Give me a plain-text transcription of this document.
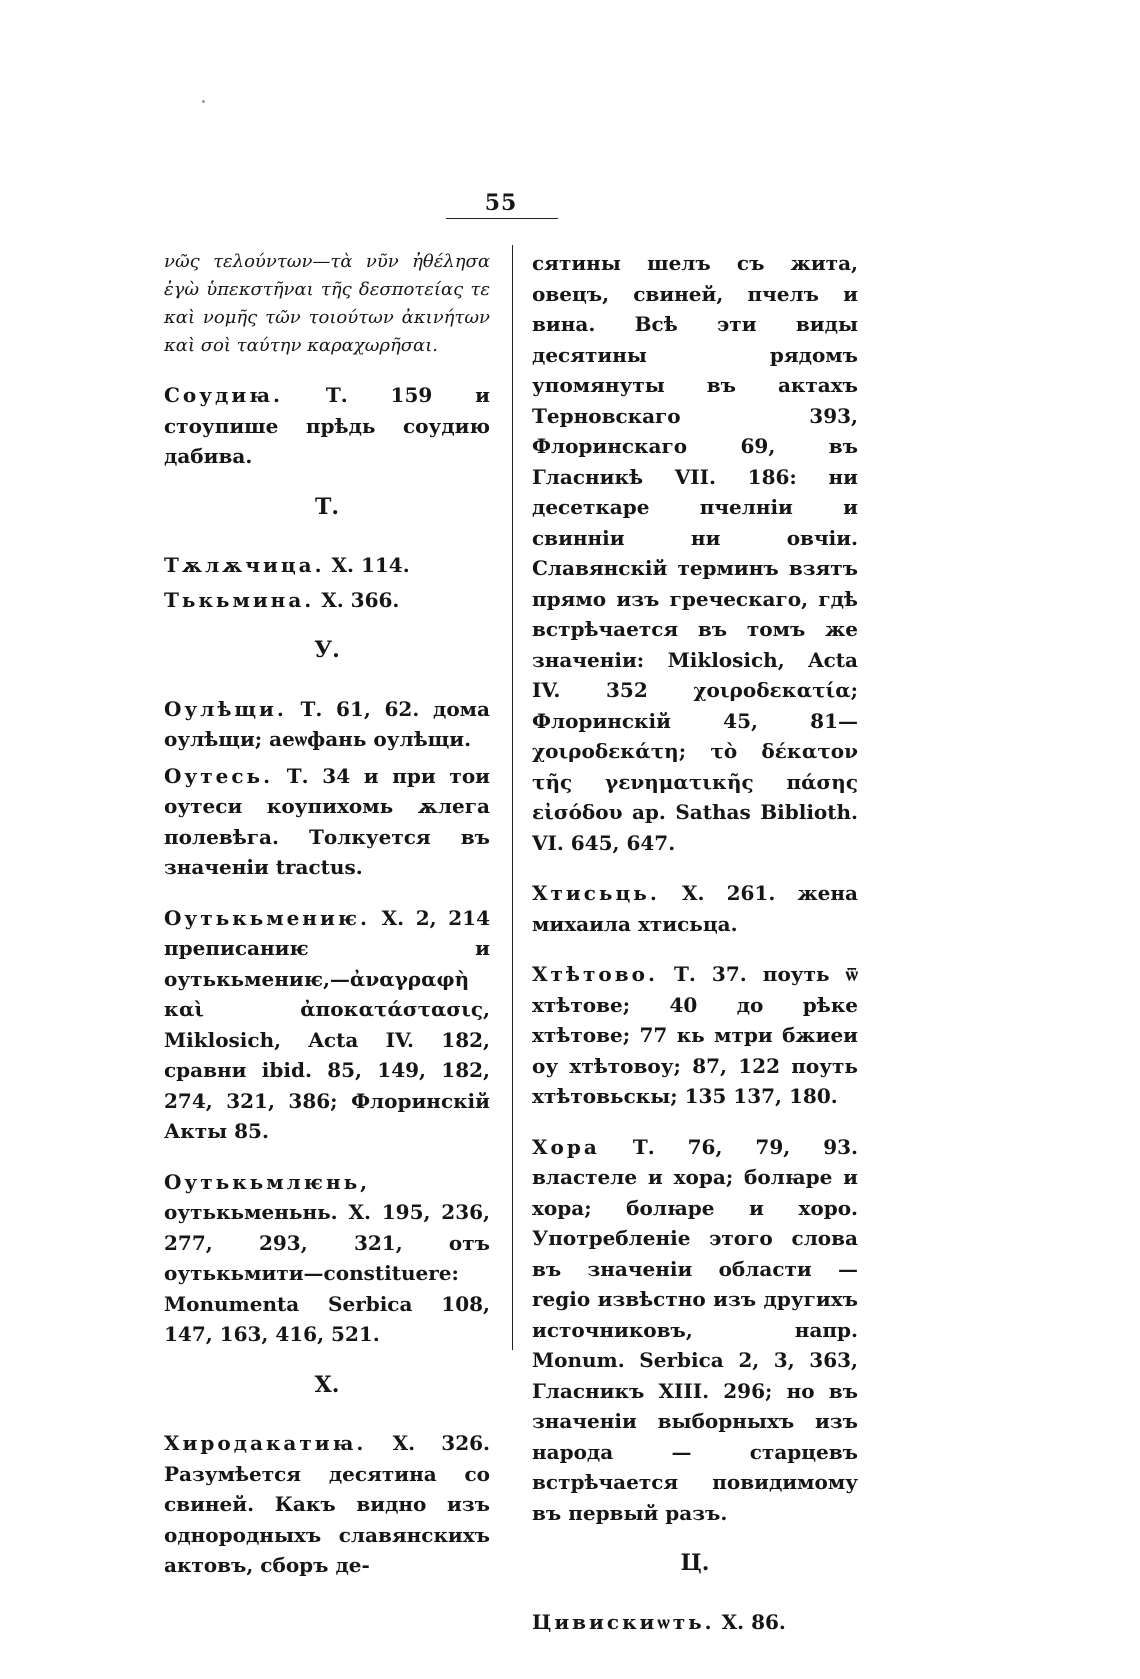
55

νῶς τελούντων—τὰ νῦν ἠθέλησα ἐγὼ ὑπεκστῆναι τῆς δεσποτείας τε καὶ νομῆς τῶν τοιούτων ἀκινήτων καὶ σοὶ ταύτην καραχωρῆσαι.

Соудиꙗ. Т. 159 и стоупише прѣдь соудию дабива.

Т.

Тѫлѫчица. Х. 114.

Тькьмина. Х. 366.

У.

Оулѣщи. Т. 61, 62. дома оулѣщи; аеѡфань оулѣщи.

Оутесь. Т. 34 и при тои оутеси коупихомь ѫлега полевѣга. Толкуется въ значенiи tractus.

Оутькьмениѥ. Х. 2, 214 преписаниѥ и оутькьмениѥ,—ἀναγραφὴ καὶ ἀποκατάστασις, Miklosich, Acta IV. 182, сравни ibid. 85, 149, 182, 274, 321, 386; Флоринскiй Акты 85.

Оутькьмлѥнь, оутькьменьнь. Х. 195, 236, 277, 293, 321, отъ оутькьмити—constituere: Monumenta Serbica 108, 147, 163, 416, 521.

Х.

Хиродакатиꙗ. Х. 326. Разумѣется десятина со свиней. Какъ видно изъ однородныхъ славянскихъ актовъ, сборъ де-

сятины шелъ съ жита, овецъ, свиней, пчелъ и вина. Всѣ эти виды десятины рядомъ упомянуты въ актахъ Терновскаго 393, Флоринскаго 69, въ Гласникѣ VII. 186: ни десеткаре пчелнiи и свиннiи ни овчiи. Славянскiй терминъ взятъ прямо изъ греческаго, гдѣ встрѣчается въ томъ же значенiи: Miklosich, Acta IV. 352 χοιροδεκατία; Флоринскiй 45, 81—χοιροδεκάτη; τὸ δέκατον τῆς γενηματικῆς πάσης εἰσόδου ap. Sathas Biblioth. VI. 645, 647.

Хтисьць. Х. 261. жена михаила хтисьца.

Хтѣтово. Т. 37. поуть ѿ хтѣтове; 40 до рѣке хтѣтове; 77 кь мтри бжиеи оу хтѣтовоу; 87, 122 поуть хтѣтовьскы; 135 137, 180.

Хора Т. 76, 79, 93. властеле и хора; болꙗре и хора; болꙗре и хоро. Употребленiе этого слова въ значенiи области — regio извѣстно изъ другихъ источниковъ, напр. Monum. Serbica 2, 3, 363, Гласникъ XIII. 296; но въ значенiи выборныхъ изъ народа — старцевъ встрѣчается повидимому въ первый разъ.

Ц.

Цивискиѡть. Х. 86.
